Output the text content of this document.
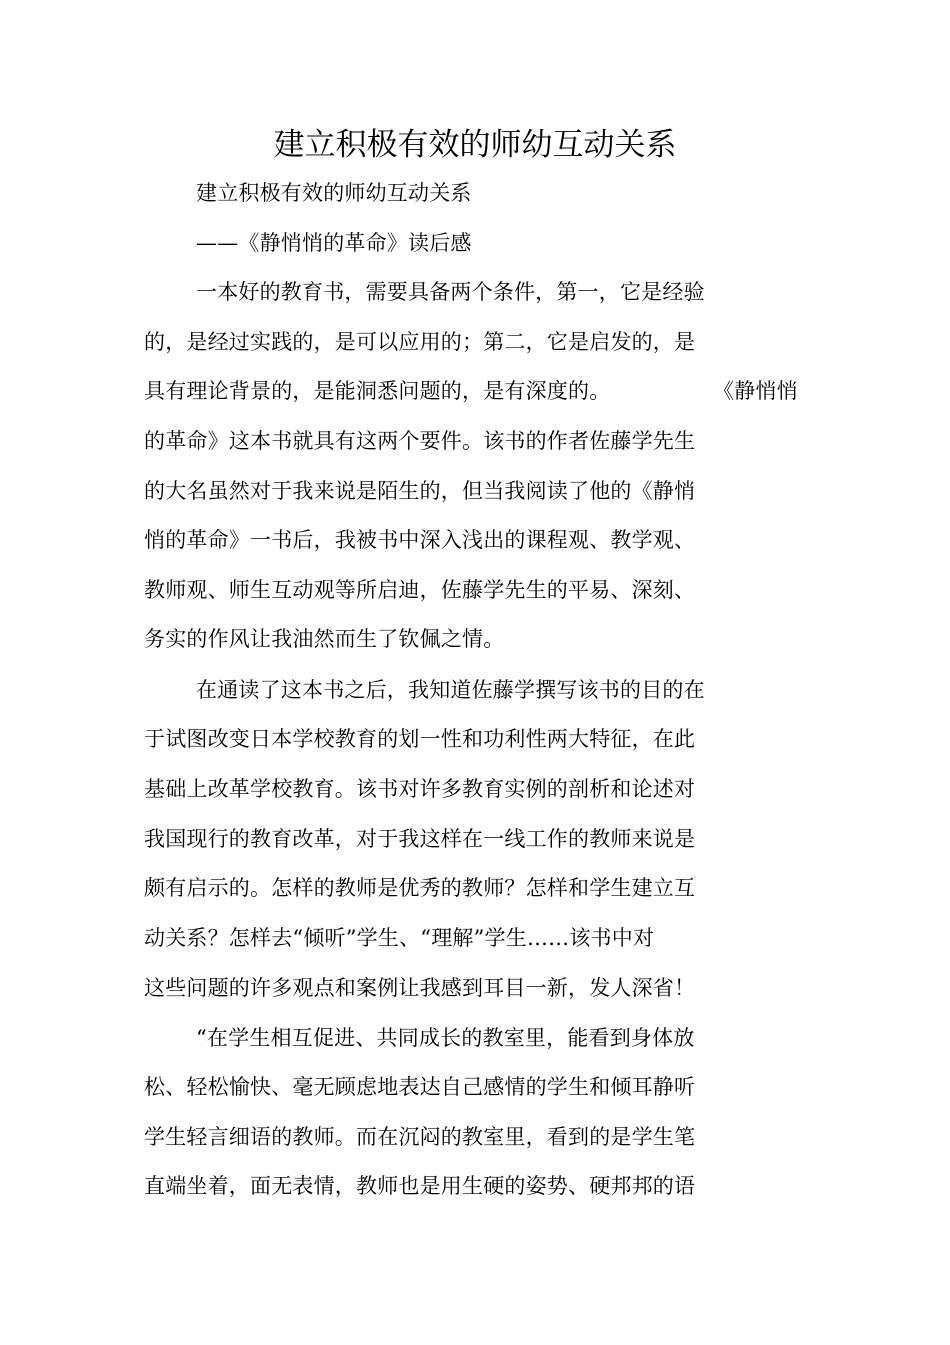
建立积极有效的师幼互动关系
建立积极有效的师幼互动关系
——《静悄悄的革命》读后感
一本好的教育书，需要具备两个条件，第一，它是经验
的，是经过实践的，是可以应用的；第二，它是启发的，是
具有理论背景的，是能洞悉问题的，是有深度的。	《静悄悄
的革命》这本书就具有这两个要件。该书的作者佐藤学先生
的大名虽然对于我来说是陌生的，但当我阅读了他的《静悄
悄的革命》一书后，我被书中深入浅出的课程观、教学观、
教师观、师生互动观等所启迪，佐藤学先生的平易、深刻、
务实的作风让我油然而生了钦佩之情。
在通读了这本书之后，我知道佐藤学撰写该书的目的在
于试图改变日本学校教育的划一性和功利性两大特征，在此
基础上改革学校教育。该书对许多教育实例的剖析和论述对
我国现行的教育改革，对于我这样在一线工作的教师来说是
颇有启示的。怎样的教师是优秀的教师？怎样和学生建立互
动关系？怎样去“倾听”学生、“理解”学生……该书中对
这些问题的许多观点和案例让我感到耳目一新，发人深省！
“在学生相互促进、共同成长的教室里，能看到身体放
松、轻松愉快、毫无顾虑地表达自己感情的学生和倾耳静听
学生轻言细语的教师。而在沉闷的教室里，看到的是学生笔
直端坐着，面无表情，教师也是用生硬的姿势、硬邦邦的语
